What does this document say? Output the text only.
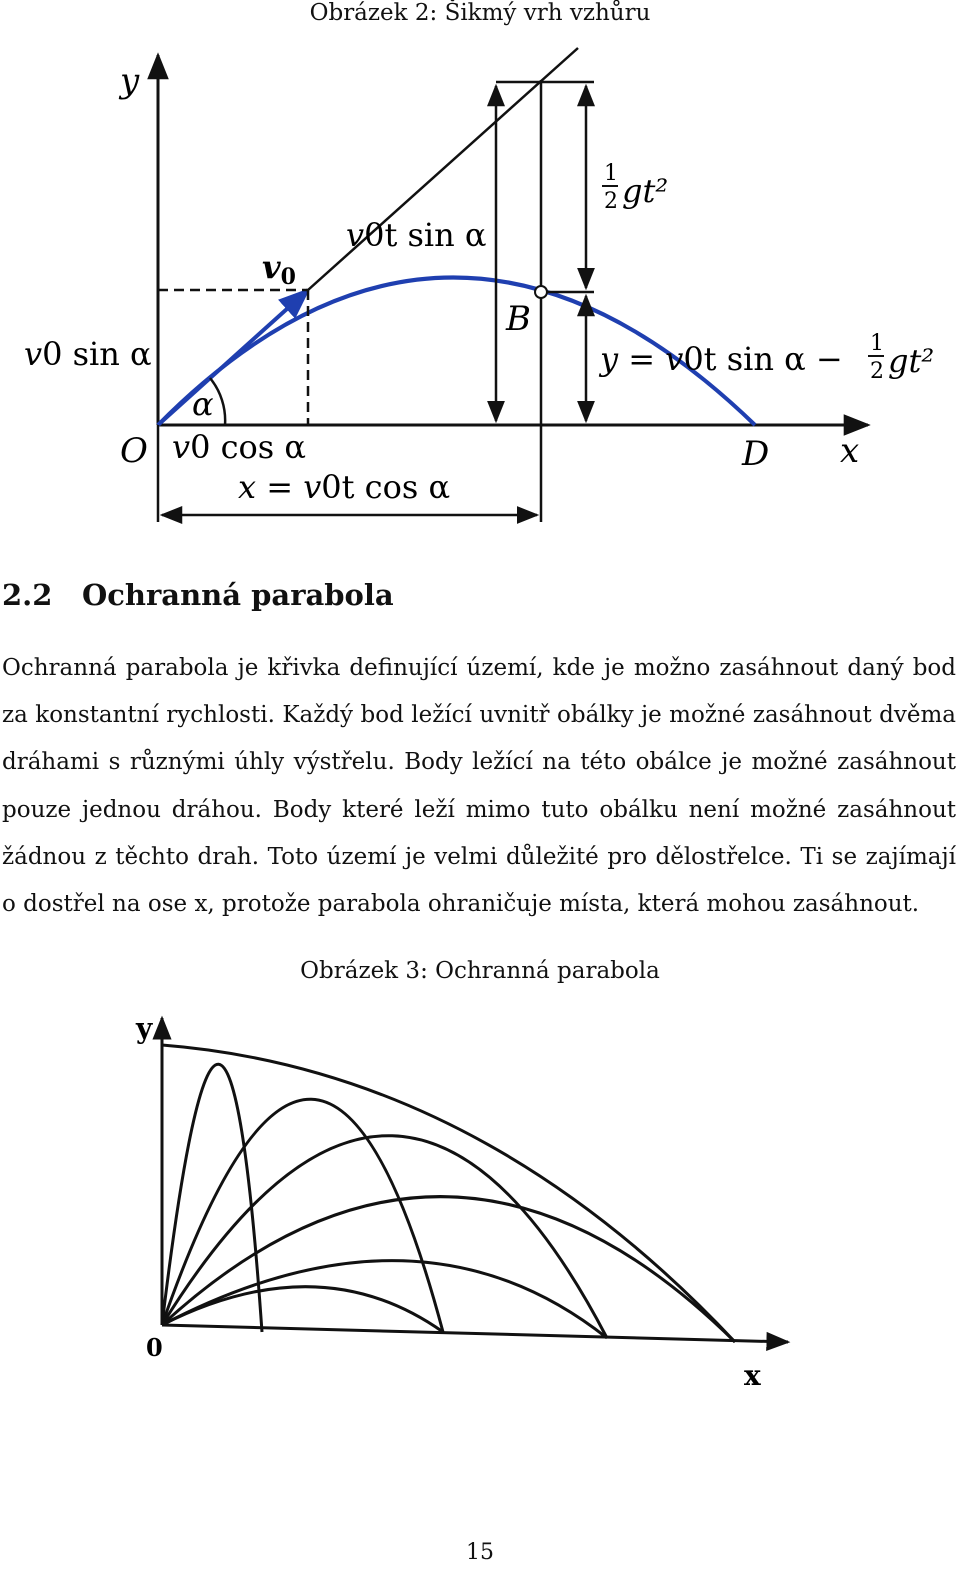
Obrázek 2: Šikmý vrh vzhůru
y
x
O	D
B
α
v0
v0 sin α
v0t sin α
v0 cos α
x = v0t cos α
1
2 gt²
y = v0t sin α − 1
2 gt²
2.2 Ochranná parabola

Ochranná parabola je křivka definující území, kde je možno zasáhnout daný bod za konstantní rychlosti. Každý bod ležící uvnitř obálky je možné zasáhnout dvěma dráhami s různými úhly výstřelu. Body ležící na této obálce je možné zasáhnout pouze jednou dráhou. Body které leží mimo tuto obálku není možné zasáhnout žádnou z těchto drah. Toto území je velmi důležité pro dělostřelce. Ti se zajímají o dostřel na ose x, protože parabola ohraničuje místa, která mohou zasáhnout.

Obrázek 3: Ochranná parabola
y
x
0
15
